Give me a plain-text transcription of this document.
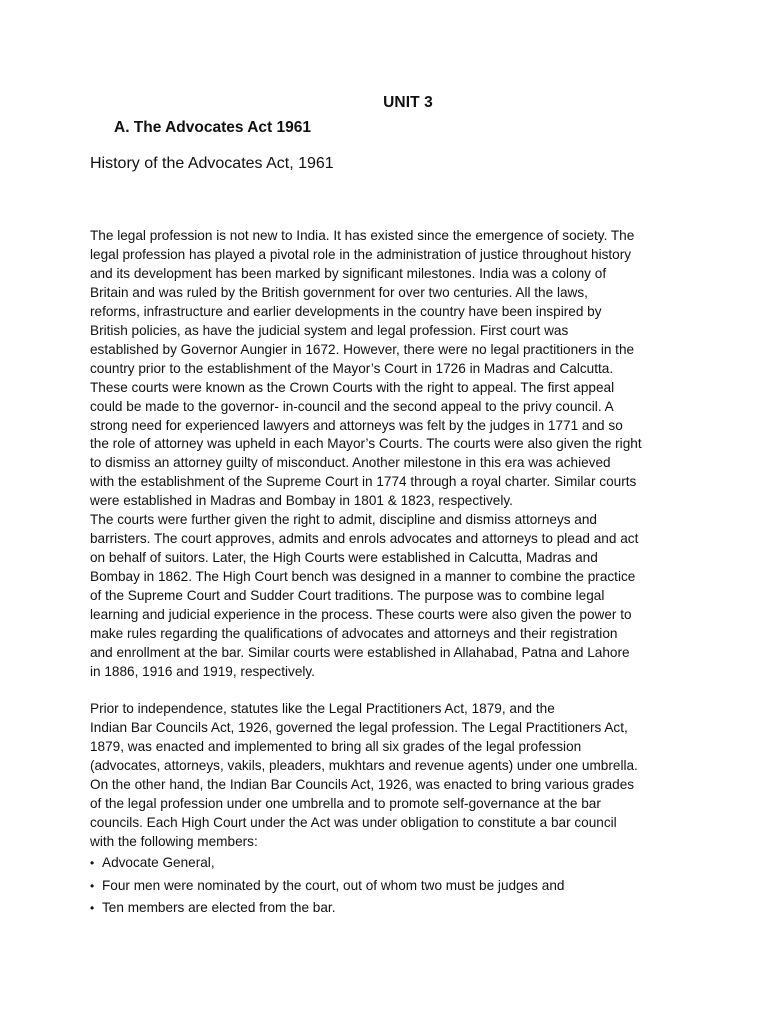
UNIT 3
A. The Advocates Act 1961
History of the Advocates Act, 1961
The legal profession is not new to India. It has existed since the emergence of society. The
legal profession has played a pivotal role in the administration of justice throughout history
and its development has been marked by significant milestones. India was a colony of
Britain and was ruled by the British government for over two centuries. All the laws,
reforms, infrastructure and earlier developments in the country have been inspired by
British policies, as have the judicial system and legal profession. First court was
established by Governor Aungier in 1672. However, there were no legal practitioners in the
country prior to the establishment of the Mayor’s Court in 1726 in Madras and Calcutta.
These courts were known as the Crown Courts with the right to appeal. The first appeal
could be made to the governor- in-council and the second appeal to the privy council. A
strong need for experienced lawyers and attorneys was felt by the judges in 1771 and so
the role of attorney was upheld in each Mayor’s Courts. The courts were also given the right
to dismiss an attorney guilty of misconduct. Another milestone in this era was achieved
with the establishment of the Supreme Court in 1774 through a royal charter. Similar courts
were established in Madras and Bombay in 1801 & 1823, respectively.
The courts were further given the right to admit, discipline and dismiss attorneys and
barristers. The court approves, admits and enrols advocates and attorneys to plead and act
on behalf of suitors. Later, the High Courts were established in Calcutta, Madras and
Bombay in 1862. The High Court bench was designed in a manner to combine the practice
of the Supreme Court and Sudder Court traditions. The purpose was to combine legal
learning and judicial experience in the process. These courts were also given the power to
make rules regarding the qualifications of advocates and attorneys and their registration
and enrollment at the bar. Similar courts were established in Allahabad, Patna and Lahore
in 1886, 1916 and 1919, respectively.
Prior to independence, statutes like the Legal Practitioners Act, 1879, and the
Indian Bar Councils Act, 1926, governed the legal profession. The Legal Practitioners Act,
1879, was enacted and implemented to bring all six grades of the legal profession
(advocates, attorneys, vakils, pleaders, mukhtars and revenue agents) under one umbrella.
On the other hand, the Indian Bar Councils Act, 1926, was enacted to bring various grades
of the legal profession under one umbrella and to promote self-governance at the bar
councils. Each High Court under the Act was under obligation to constitute a bar council
with the following members:
• Advocate General,
• Four men were nominated by the court, out of whom two must be judges and
• Ten members are elected from the bar.
